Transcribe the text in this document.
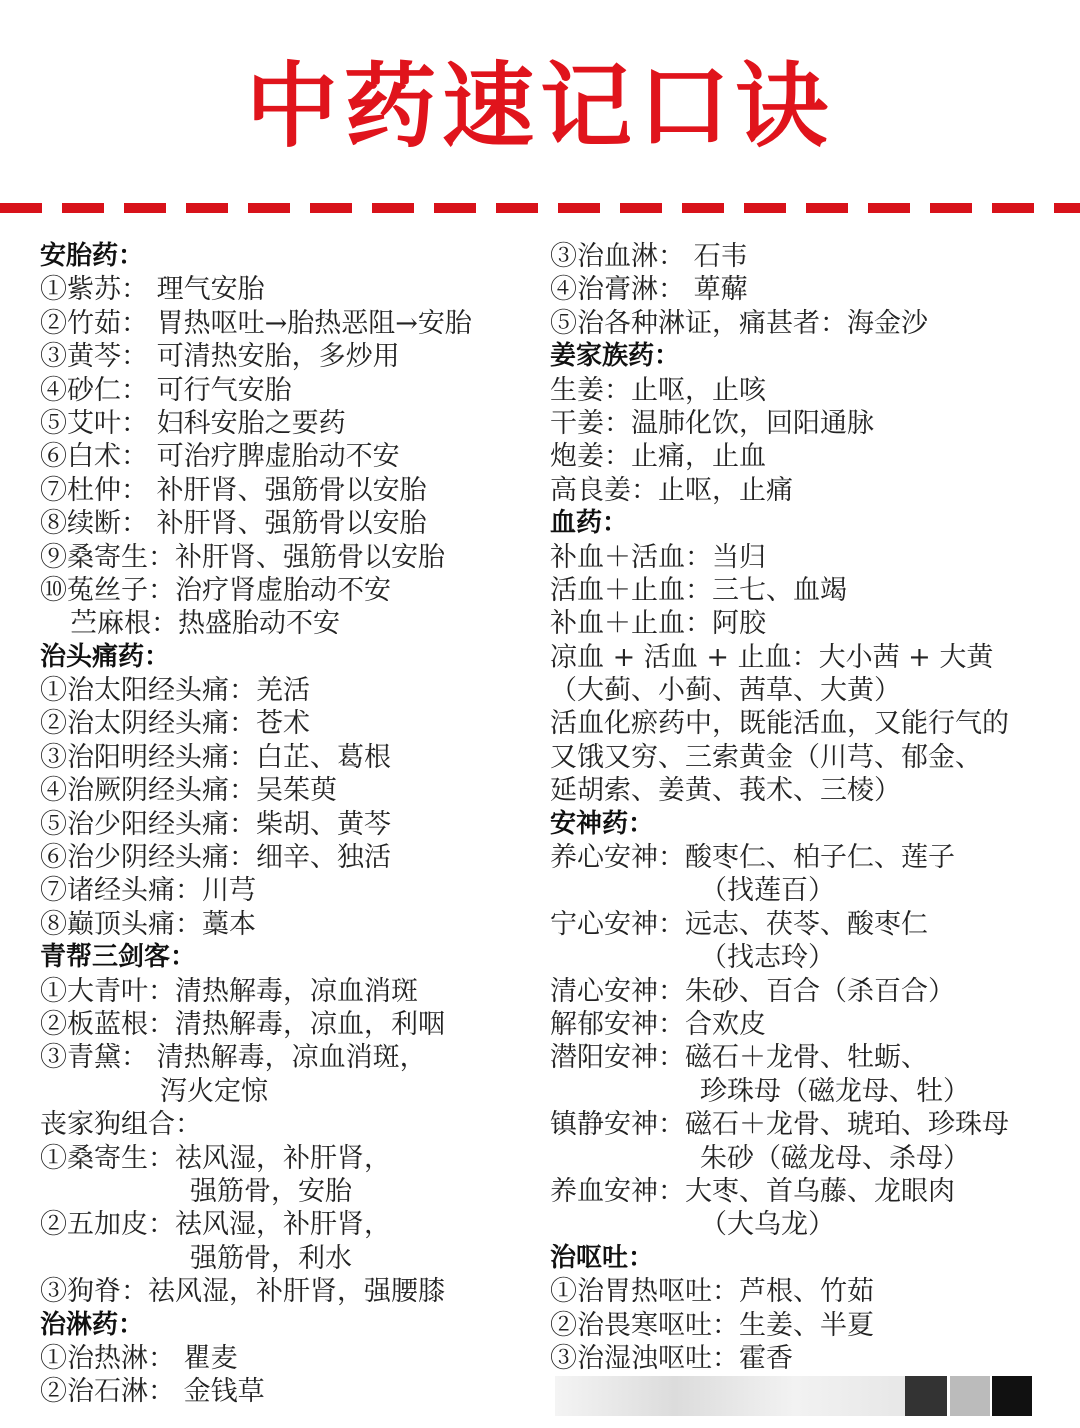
中药速记口诀
安胎药：
①紫苏： 理气安胎
②竹茹： 胃热呕吐→胎热恶阻→安胎
③黄芩： 可清热安胎，多炒用
④砂仁： 可行气安胎
⑤艾叶： 妇科安胎之要药
⑥白术： 可治疗脾虚胎动不安
⑦杜仲： 补肝肾、强筋骨以安胎
⑧续断： 补肝肾、强筋骨以安胎
⑨桑寄生：补肝肾、强筋骨以安胎
⑩菟丝子：治疗肾虚胎动不安
苎麻根：热盛胎动不安
治头痛药：
①治太阳经头痛：羌活
②治太阴经头痛：苍术
③治阳明经头痛：白芷、葛根
④治厥阴经头痛：吴茱萸
⑤治少阳经头痛：柴胡、黄芩
⑥治少阴经头痛：细辛、独活
⑦诸经头痛：川芎
⑧巅顶头痛：藁本
青帮三剑客：
①大青叶：清热解毒，凉血消斑
②板蓝根：清热解毒，凉血，利咽
③青黛： 清热解毒，凉血消斑，
泻火定惊
丧家狗组合：
①桑寄生：祛风湿，补肝肾，
强筋骨，安胎
②五加皮：祛风湿，补肝肾，
强筋骨，利水
③狗脊：祛风湿，补肝肾，强腰膝
治淋药：
①治热淋： 瞿麦
②治石淋： 金钱草
③治血淋： 石韦
④治膏淋： 萆薢
⑤治各种淋证，痛甚者：海金沙
姜家族药：
生姜：止呕，止咳
干姜：温肺化饮，回阳通脉
炮姜：止痛，止血
高良姜：止呕，止痛
血药：
补血＋活血：当归
活血＋止血：三七、血竭
补血＋止血：阿胶
凉血 + 活血 + 止血：大小茜 + 大黄
（大蓟、小蓟、茜草、大黄）
活血化瘀药中，既能活血，又能行气的
又饿又穷、三索黄金（川芎、郁金、
延胡索、姜黄、莪术、三棱）
安神药：
养心安神：酸枣仁、柏子仁、莲子
（找莲百）
宁心安神：远志、茯苓、酸枣仁
（找志玲）
清心安神：朱砂、百合（杀百合）
解郁安神：合欢皮
潜阳安神：磁石＋龙骨、牡蛎、
珍珠母（磁龙母、牡）
镇静安神：磁石＋龙骨、琥珀、珍珠母
朱砂（磁龙母、杀母）
养血安神：大枣、首乌藤、龙眼肉
（大乌龙）
治呕吐：
①治胃热呕吐：芦根、竹茹
②治畏寒呕吐：生姜、半夏
③治湿浊呕吐：霍香
